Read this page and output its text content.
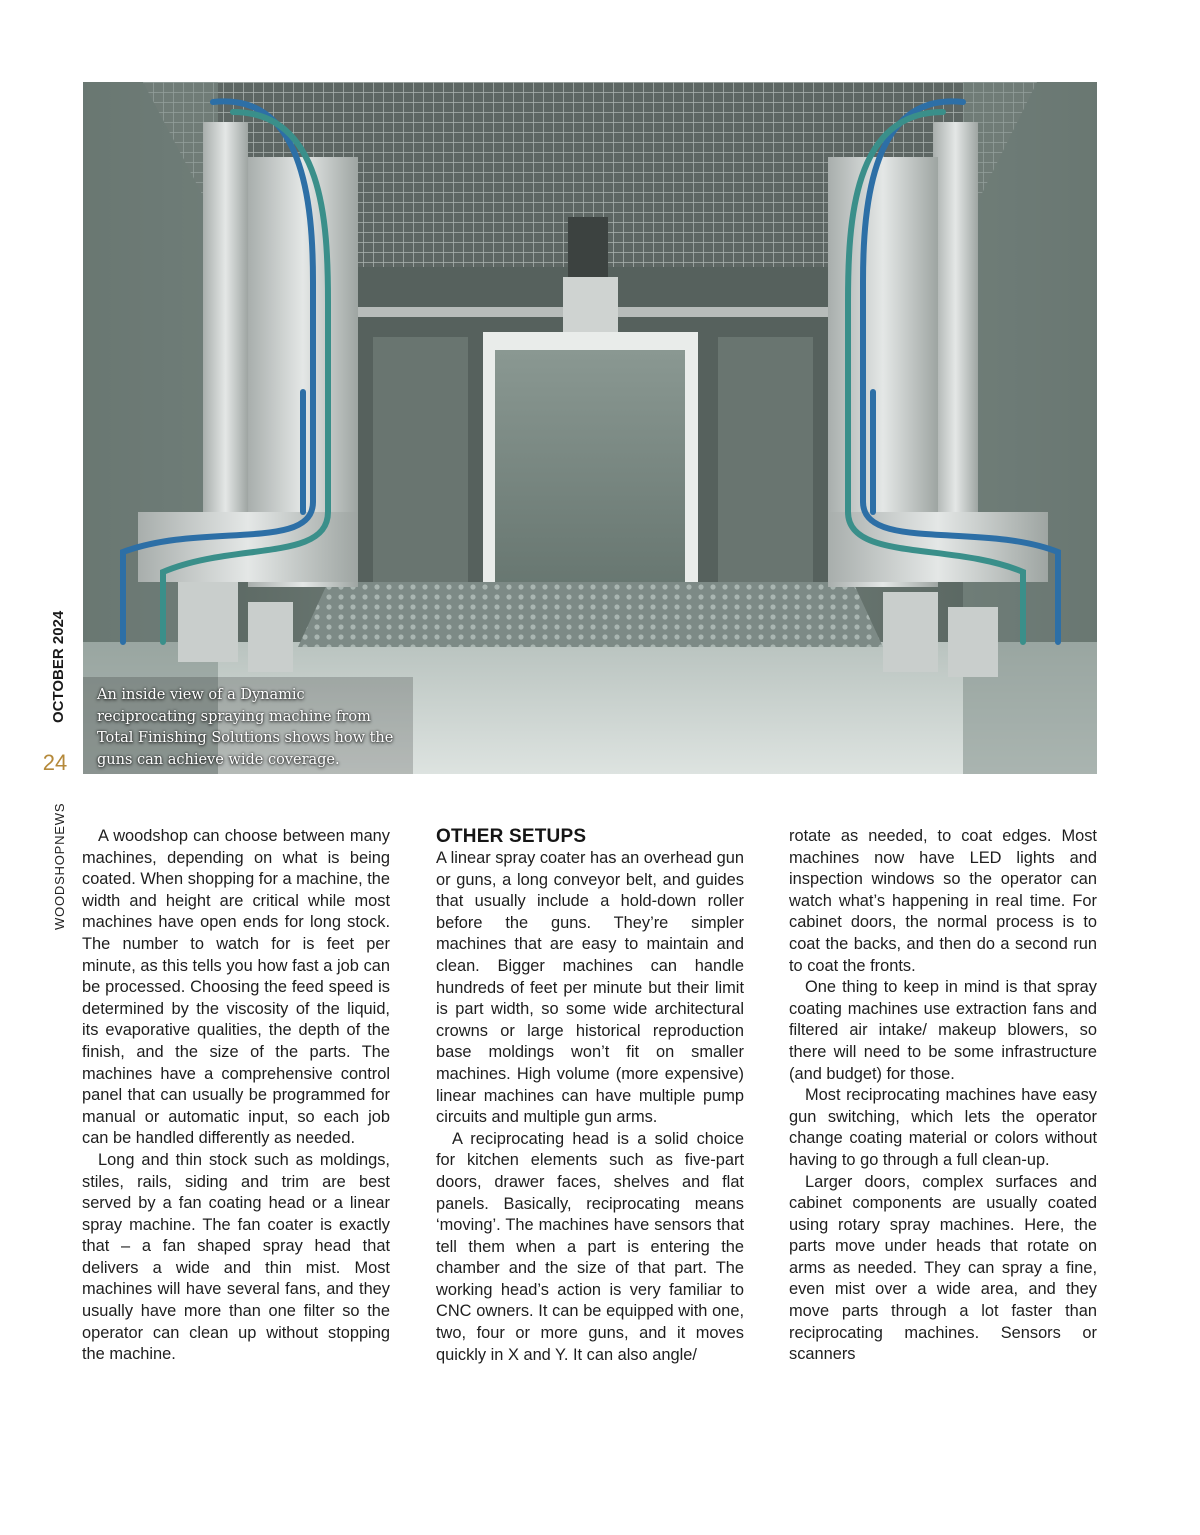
OCTOBER 2024
24
WOODSHOPNEWS
An inside view of a Dynamic reciprocating spraying machine from Total Finishing Solutions shows how the guns can achieve wide coverage.

A woodshop can choose between many machines, depending on what is being coated. When shopping for a machine, the width and height are critical while most machines have open ends for long stock. The number to watch for is feet per minute, as this tells you how fast a job can be processed. Choosing the feed speed is determined by the viscosity of the liquid, its evaporative qualities, the depth of the finish, and the size of the parts. The machines have a comprehensive control panel that can usually be programmed for manual or automatic input, so each job can be handled differently as needed.

Long and thin stock such as moldings, stiles, rails, siding and trim are best served by a fan coating head or a linear spray machine. The fan coater is exactly that – a fan shaped spray head that delivers a wide and thin mist. Most machines will have several fans, and they usually have more than one filter so the operator can clean up without stopping the machine.

OTHER SETUPS

A linear spray coater has an overhead gun or guns, a long conveyor belt, and guides that usually include a hold-down roller before the guns. They’re simpler machines that are easy to maintain and clean. Bigger machines can handle hundreds of feet per minute but their limit is part width, so some wide architectural crowns or large historical reproduction base moldings won’t fit on smaller machines. High volume (more expensive) linear machines can have multiple pump circuits and multiple gun arms.

A reciprocating head is a solid choice for kitchen elements such as five-part doors, drawer faces, shelves and flat panels. Basically, reciprocating means ‘moving’. The machines have sensors that tell them when a part is entering the chamber and the size of that part. The working head’s action is very familiar to CNC owners. It can be equipped with one, two, four or more guns, and it moves quickly in X and Y. It can also angle/

rotate as needed, to coat edges. Most machines now have LED lights and inspection windows so the operator can watch what’s happening in real time. For cabinet doors, the normal process is to coat the backs, and then do a second run to coat the fronts.

One thing to keep in mind is that spray coating machines use extraction fans and filtered air intake/ makeup blowers, so there will need to be some infrastructure (and budget) for those.

Most reciprocating machines have easy gun switching, which lets the operator change coating material or colors without having to go through a full clean-up.

Larger doors, complex surfaces and cabinet components are usually coated using rotary spray machines. Here, the parts move under heads that rotate on arms as needed. They can spray a fine, even mist over a wide area, and they move parts through a lot faster than reciprocating machines. Sensors or scanners
